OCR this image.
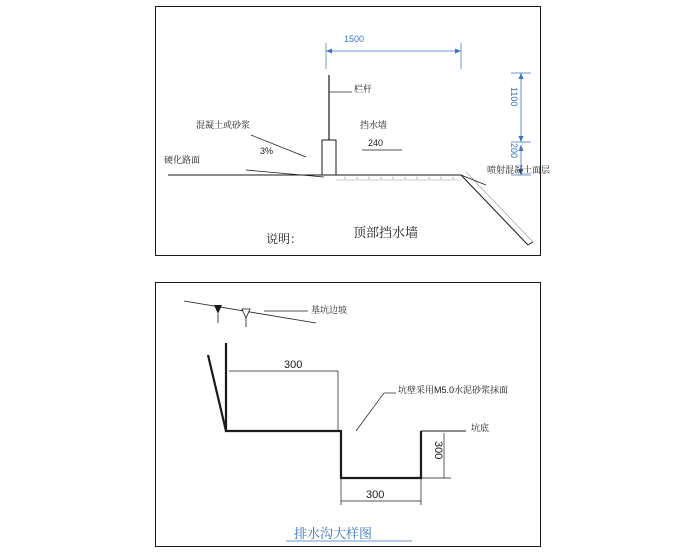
1500
1100
200
栏杆
挡水墙
240
混凝土或砂浆
硬化路面
3%
喷射混凝土面层
说明：	顶部挡水墙
基坑边坡
300
300
300
坑壁采用M5.0水泥砂浆抹面
坑底
排水沟大样图
